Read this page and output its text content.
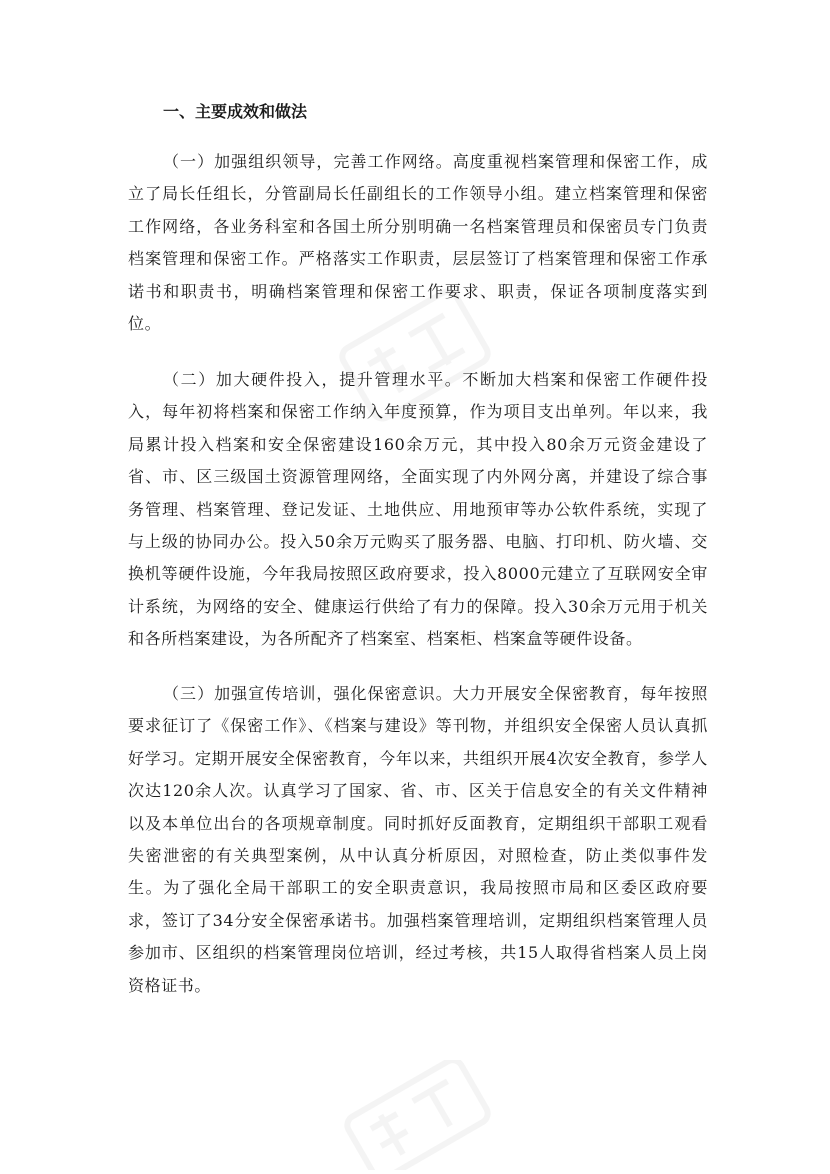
一、主要成效和做法

（一）加强组织领导，完善工作网络。高度重视档案管理和保密工作，成立了局长任组长，分管副局长任副组长的工作领导小组。建立档案管理和保密工作网络，各业务科室和各国土所分别明确一名档案管理员和保密员专门负责档案管理和保密工作。严格落实工作职责，层层签订了档案管理和保密工作承诺书和职责书，明确档案管理和保密工作要求、职责，保证各项制度落实到位。

（二）加大硬件投入，提升管理水平。不断加大档案和保密工作硬件投入，每年初将档案和保密工作纳入年度预算，作为项目支出单列。年以来，我局累计投入档案和安全保密建设160余万元，其中投入80余万元资金建设了省、市、区三级国土资源管理网络，全面实现了内外网分离，并建设了综合事务管理、档案管理、登记发证、土地供应、用地预审等办公软件系统，实现了与上级的协同办公。投入50余万元购买了服务器、电脑、打印机、防火墙、交换机等硬件设施，今年我局按照区政府要求，投入8000元建立了互联网安全审计系统，为网络的安全、健康运行供给了有力的保障。投入30余万元用于机关和各所档案建设，为各所配齐了档案室、档案柜、档案盒等硬件设备。

（三）加强宣传培训，强化保密意识。大力开展安全保密教育，每年按照要求征订了《保密工作》、《档案与建设》等刊物，并组织安全保密人员认真抓好学习。定期开展安全保密教育，今年以来，共组织开展4次安全教育，参学人次达120余人次。认真学习了国家、省、市、区关于信息安全的有关文件精神以及本单位出台的各项规章制度。同时抓好反面教育，定期组织干部职工观看失密泄密的有关典型案例，从中认真分析原因，对照检查，防止类似事件发生。为了强化全局干部职工的安全职责意识，我局按照市局和区委区政府要求，签订了34分安全保密承诺书。加强档案管理培训，定期组织档案管理人员参加市、区组织的档案管理岗位培训，经过考核，共15人取得省档案人员上岗资格证书。
